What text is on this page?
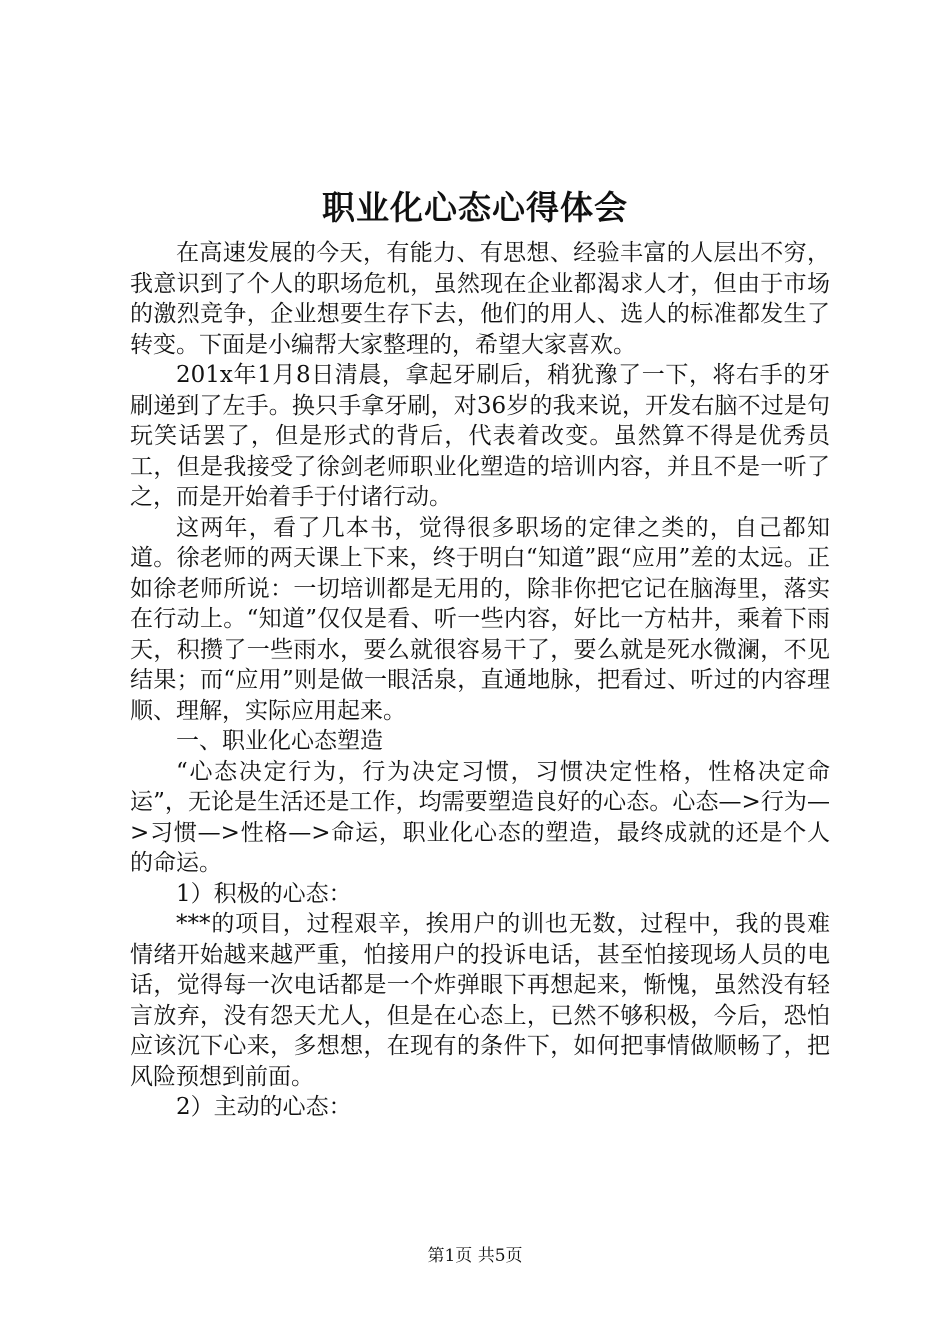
职业化心态心得体会

在高速发展的今天，有能力、有思想、经验丰富的人层出不穷，我意识到了个人的职场危机，虽然现在企业都渴求人才，但由于市场的激烈竞争，企业想要生存下去，他们的用人、选人的标准都发生了转变。下面是小编帮大家整理的，希望大家喜欢。

201x年1月8日清晨，拿起牙刷后，稍犹豫了一下，将右手的牙刷递到了左手。换只手拿牙刷，对36岁的我来说，开发右脑不过是句玩笑话罢了，但是形式的背后，代表着改变。虽然算不得是优秀员工，但是我接受了徐剑老师职业化塑造的培训内容，并且不是一听了之，而是开始着手于付诸行动。

这两年，看了几本书，觉得很多职场的定律之类的，自己都知道。徐老师的两天课上下来，终于明白“知道”跟“应用”差的太远。正如徐老师所说：一切培训都是无用的，除非你把它记在脑海里，落实在行动上。“知道”仅仅是看、听一些内容，好比一方枯井，乘着下雨天，积攒了一些雨水，要么就很容易干了，要么就是死水微澜，不见结果；而“应用”则是做一眼活泉，直通地脉，把看过、听过的内容理顺、理解，实际应用起来。

一、职业化心态塑造

“心态决定行为，行为决定习惯，习惯决定性格，性格决定命运”，无论是生活还是工作，均需要塑造良好的心态。心态—>行为—>习惯—>性格—>命运，职业化心态的塑造，最终成就的还是个人的命运。

1）积极的心态：

***的项目，过程艰辛，挨用户的训也无数，过程中，我的畏难情绪开始越来越严重，怕接用户的投诉电话，甚至怕接现场人员的电话，觉得每一次电话都是一个炸弹眼下再想起来，惭愧，虽然没有轻言放弃，没有怨天尤人，但是在心态上，已然不够积极，今后，恐怕应该沉下心来，多想想，在现有的条件下，如何把事情做顺畅了，把风险预想到前面。

2）主动的心态：

第1页 共5页
